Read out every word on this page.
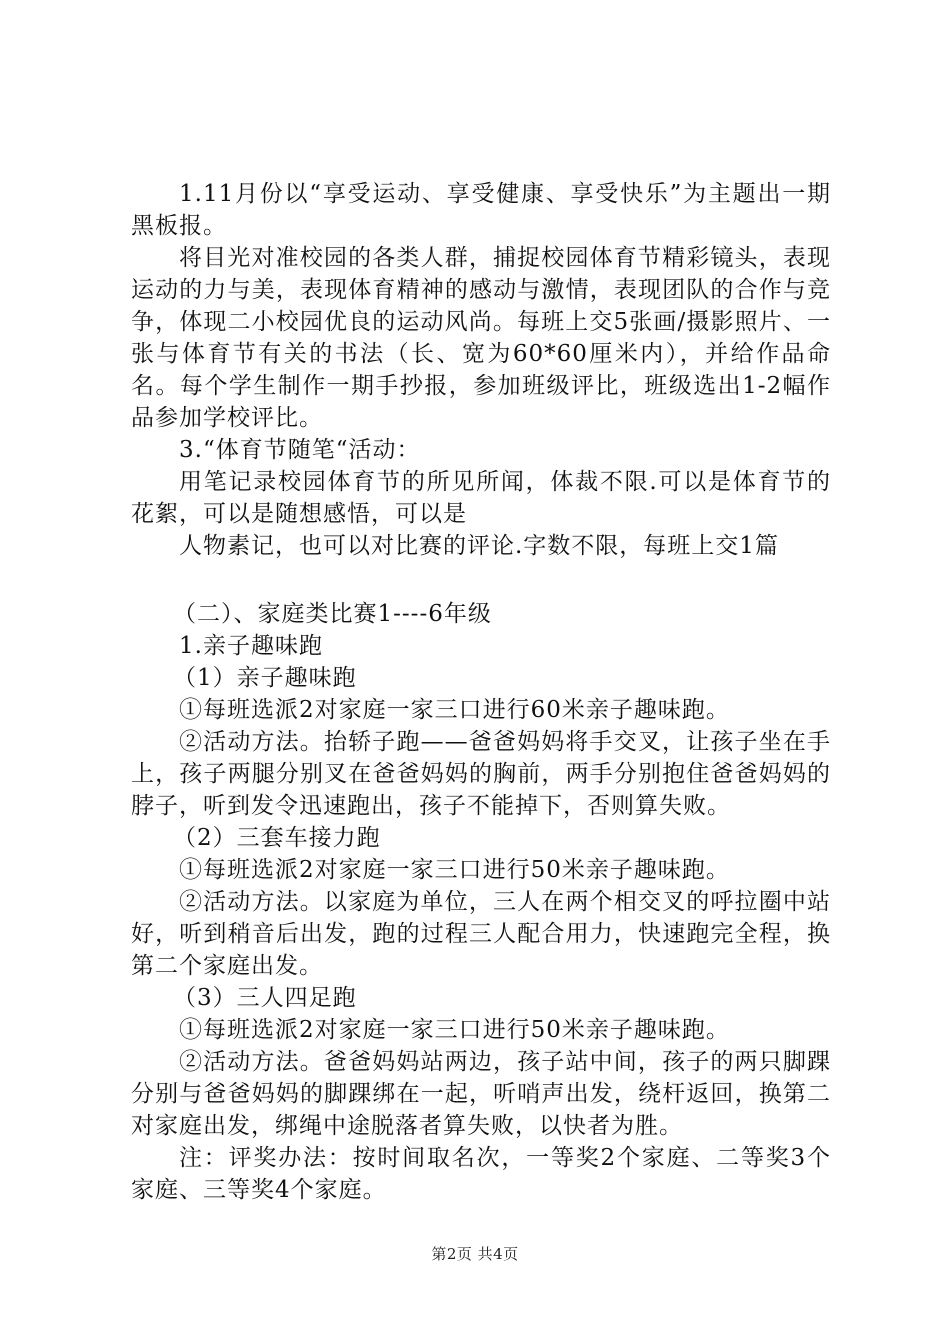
1.11月份以“享受运动、享受健康、享受快乐”为主题出一期黑板报。

将目光对准校园的各类人群，捕捉校园体育节精彩镜头，表现运动的力与美，表现体育精神的感动与激情，表现团队的合作与竞争，体现二小校园优良的运动风尚。每班上交5张画/摄影照片、一张与体育节有关的书法（长、宽为60*60厘米内），并给作品命名。每个学生制作一期手抄报，参加班级评比，班级选出1-2幅作品参加学校评比。

3.“体育节随笔“活动：

用笔记录校园体育节的所见所闻，体裁不限.可以是体育节的花絮，可以是随想感悟，可以是

人物素记，也可以对比赛的评论.字数不限，每班上交1篇

（二）、家庭类比赛1----6年级

1.亲子趣味跑

（1）亲子趣味跑

①每班选派2对家庭一家三口进行60米亲子趣味跑。

②活动方法。抬轿子跑——爸爸妈妈将手交叉，让孩子坐在手上，孩子两腿分别叉在爸爸妈妈的胸前，两手分别抱住爸爸妈妈的脖子，听到发令迅速跑出，孩子不能掉下，否则算失败。

（2）三套车接力跑

①每班选派2对家庭一家三口进行50米亲子趣味跑。

②活动方法。以家庭为单位，三人在两个相交叉的呼拉圈中站好，听到稍音后出发，跑的过程三人配合用力，快速跑完全程，换第二个家庭出发。

（3）三人四足跑

①每班选派2对家庭一家三口进行50米亲子趣味跑。

②活动方法。爸爸妈妈站两边，孩子站中间，孩子的两只脚踝分别与爸爸妈妈的脚踝绑在一起，听哨声出发，绕杆返回，换第二对家庭出发，绑绳中途脱落者算失败，以快者为胜。

注：评奖办法：按时间取名次，一等奖2个家庭、二等奖3个家庭、三等奖4个家庭。

第2页 共4页
